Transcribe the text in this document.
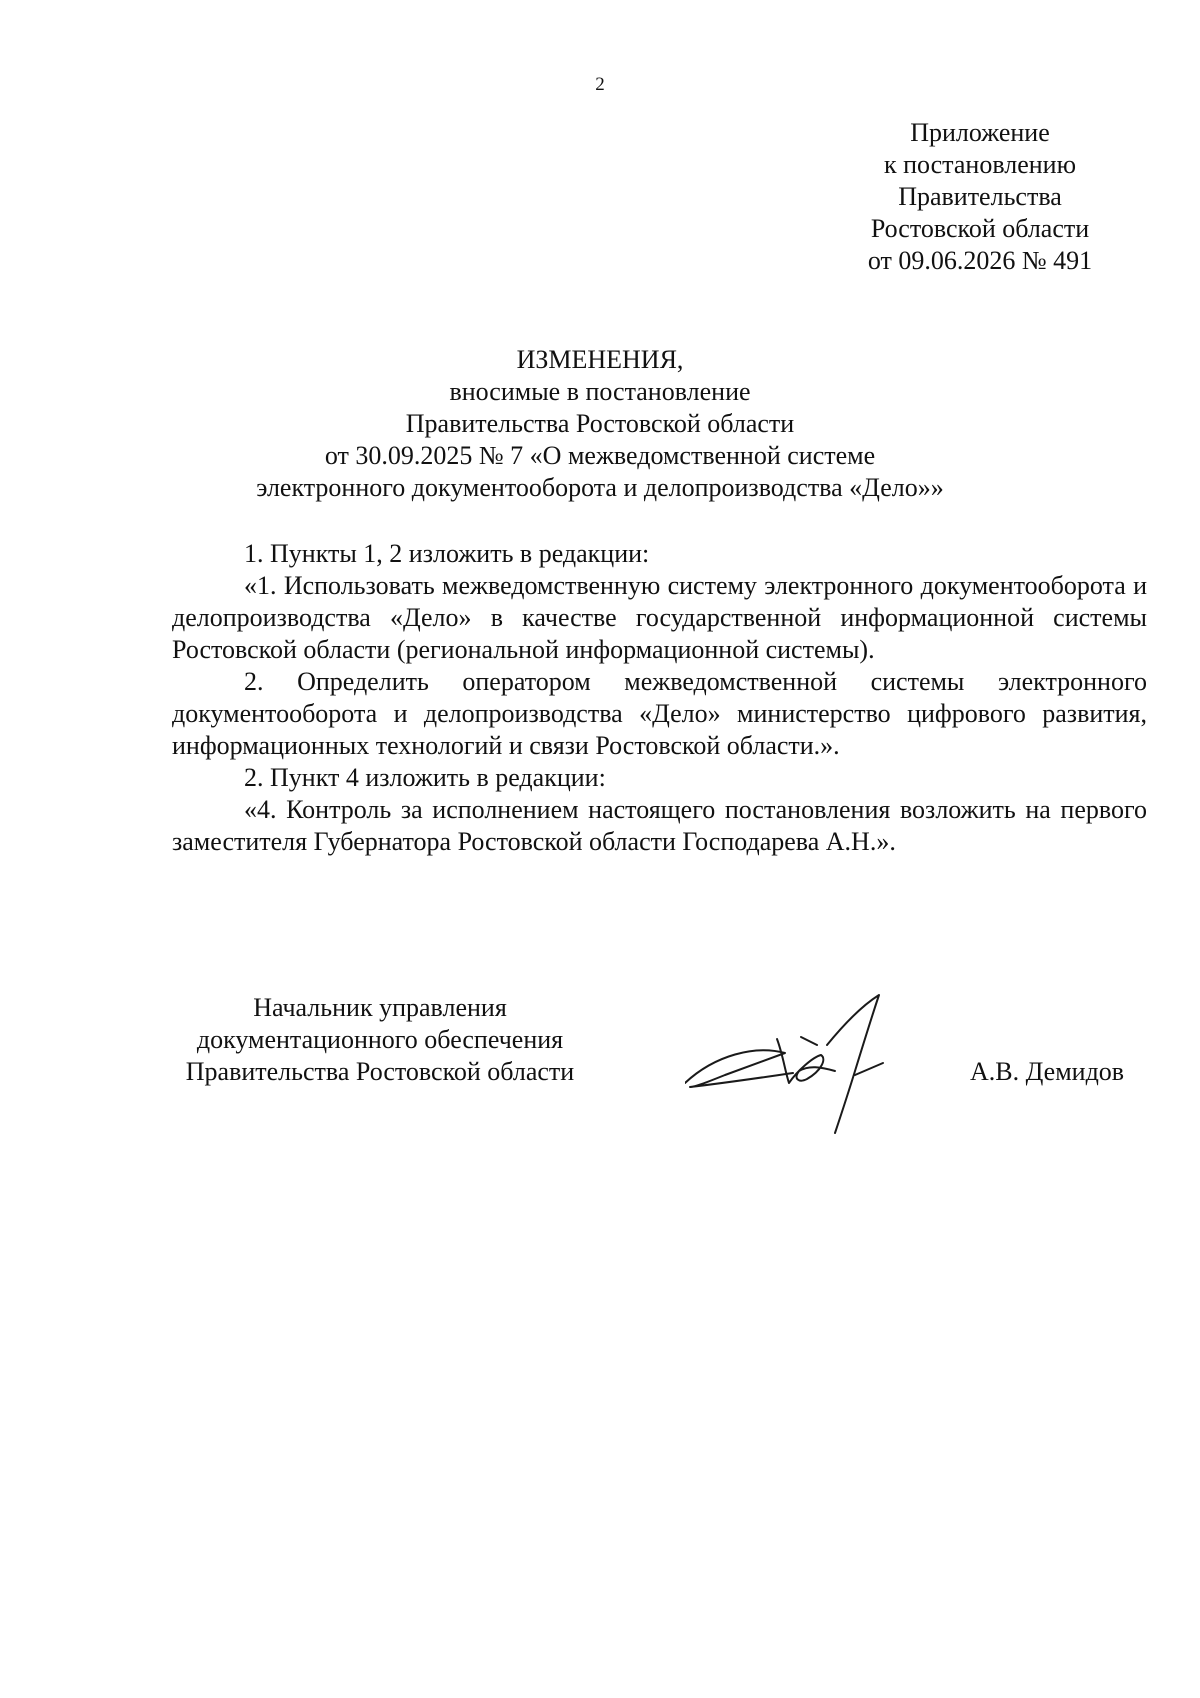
2
Приложение
к постановлению
Правительства
Ростовской области
от 09.06.2026 № 491
ИЗМЕНЕНИЯ,
вносимые в постановление
Правительства Ростовской области
от 30.09.2025 № 7 «О межведомственной системе
электронного документооборота и делопроизводства «Дело»»

1. Пункты 1, 2 изложить в редакции:

«1. Использовать межведомственную систему электронного документооборота и делопроизводства «Дело» в качестве государственной информационной системы Ростовской области (региональной информационной системы).

2. Определить оператором межведомственной системы электронного документооборота и делопроизводства «Дело» министерство цифрового развития, информационных технологий и связи Ростовской области.».

2. Пункт 4 изложить в редакции:

«4. Контроль за исполнением настоящего постановления возложить на первого заместителя Губернатора Ростовской области Господарева А.Н.».

Начальник управления
документационного обеспечения
Правительства Ростовской области	А.В. Демидов
